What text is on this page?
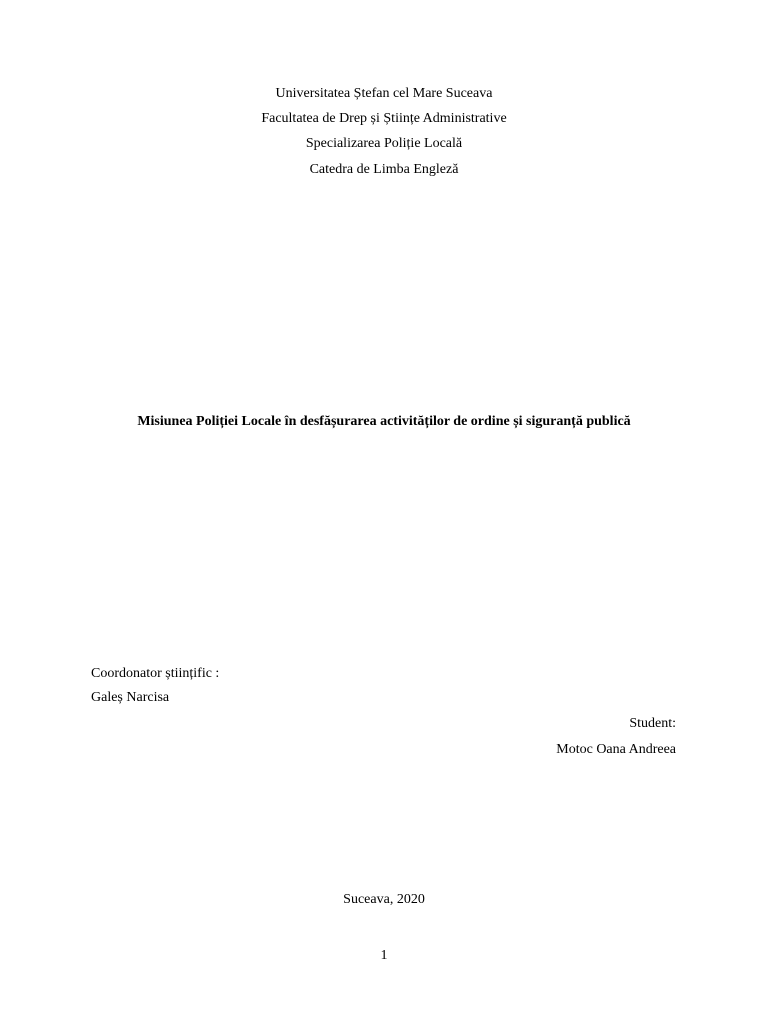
Universitatea Ștefan cel Mare Suceava
Facultatea de Drep și Științe Administrative
Specializarea Poliție Locală
Catedra de Limba Engleză
Misiunea Poliției Locale în desfășurarea activităților de ordine și siguranță publică
Coordonator științific :
Galeș Narcisa
Student:
Motoc Oana Andreea
Suceava, 2020
1
